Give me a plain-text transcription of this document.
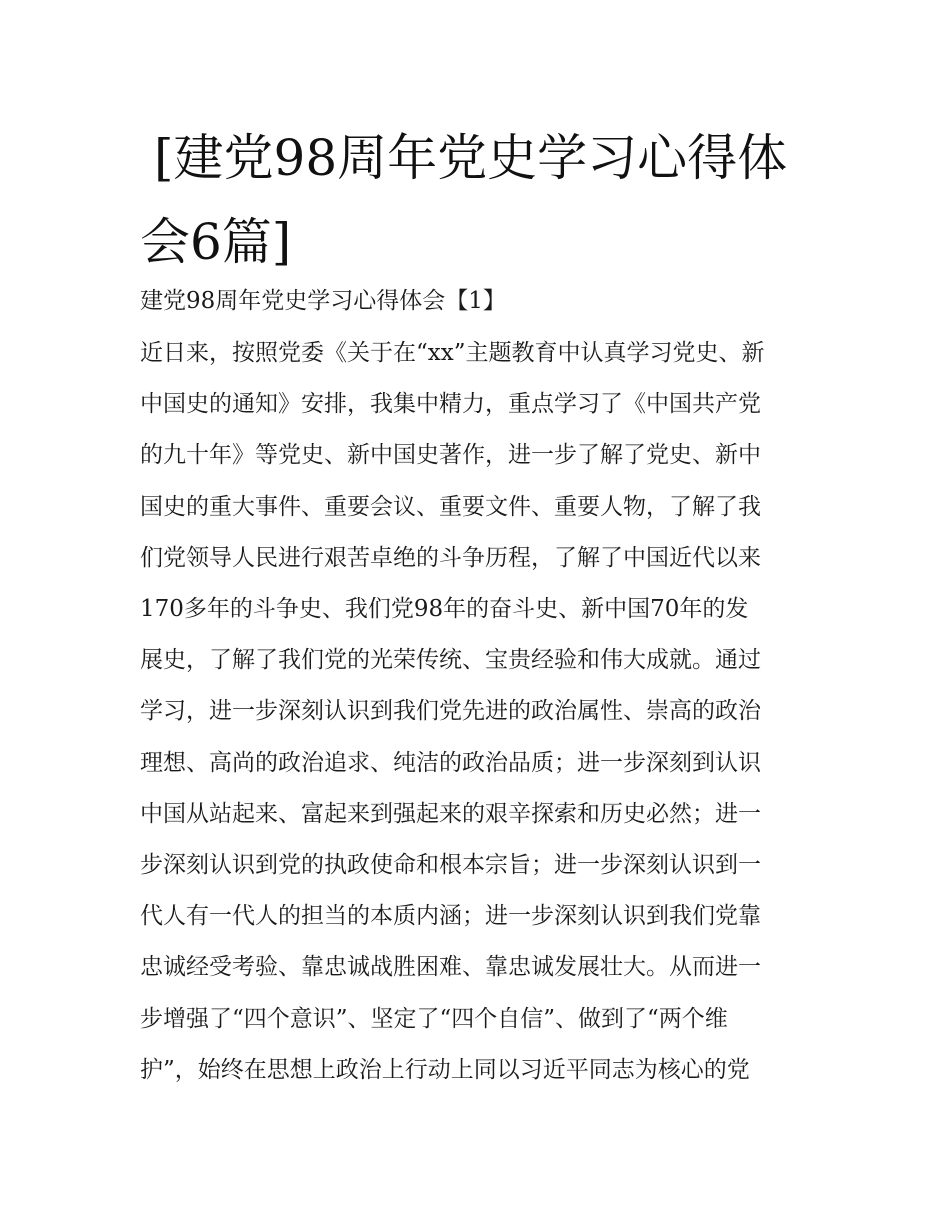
[建党98周年党史学习心得体
会6篇]
建党98周年党史学习心得体会【1】
近日来，按照党委《关于在“xx”主题教育中认真学习党史、新
中国史的通知》安排，我集中精力，重点学习了《中国共产党
的九十年》等党史、新中国史著作，进一步了解了党史、新中
国史的重大事件、重要会议、重要文件、重要人物，了解了我
们党领导人民进行艰苦卓绝的斗争历程，了解了中国近代以来
170多年的斗争史、我们党98年的奋斗史、新中国70年的发
展史，了解了我们党的光荣传统、宝贵经验和伟大成就。通过
学习，进一步深刻认识到我们党先进的政治属性、崇高的政治
理想、高尚的政治追求、纯洁的政治品质；进一步深刻到认识
中国从站起来、富起来到强起来的艰辛探索和历史必然；进一
步深刻认识到党的执政使命和根本宗旨；进一步深刻认识到一
代人有一代人的担当的本质内涵；进一步深刻认识到我们党靠
忠诚经受考验、靠忠诚战胜困难、靠忠诚发展壮大。从而进一
步增强了“四个意识”、坚定了“四个自信”、做到了“两个维
护”，始终在思想上政治上行动上同以习近平同志为核心的党
